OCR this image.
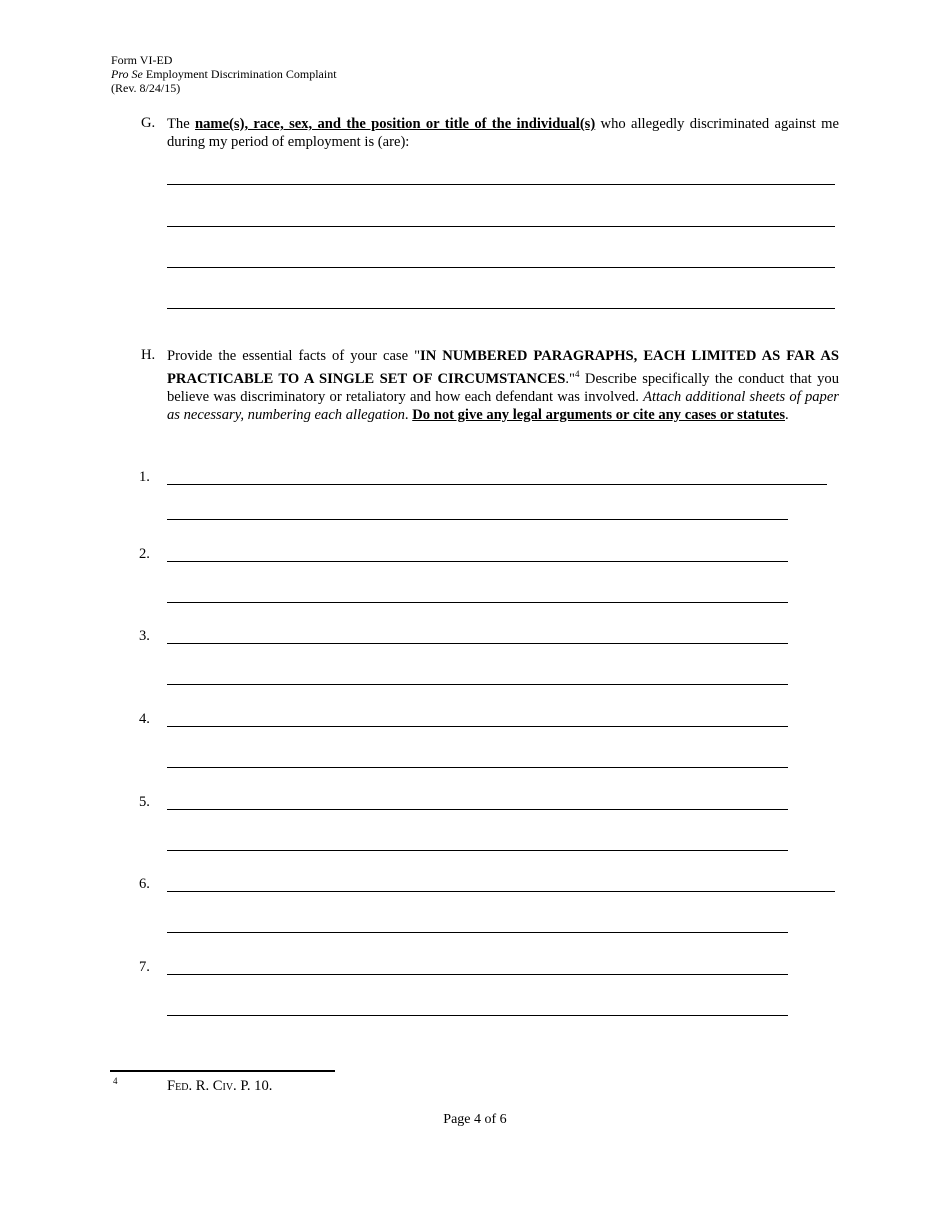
Form VI-ED
Pro Se Employment Discrimination Complaint
(Rev. 8/24/15)
G. The name(s), race, sex, and the position or title of the individual(s) who allegedly discriminated against me during my period of employment is (are):
H. Provide the essential facts of your case "IN NUMBERED PARAGRAPHS, EACH LIMITED AS FAR AS PRACTICABLE TO A SINGLE SET OF CIRCUMSTANCES."$^4$ Describe specifically the conduct that you believe was discriminatory or retaliatory and how each defendant was involved. Attach additional sheets of paper as necessary, numbering each allegation. Do not give any legal arguments or cite any cases or statutes.
1.
2.
3.
4.
5.
6.
7.
4	Fed. R. Civ. P. 10.
Page 4 of 6
